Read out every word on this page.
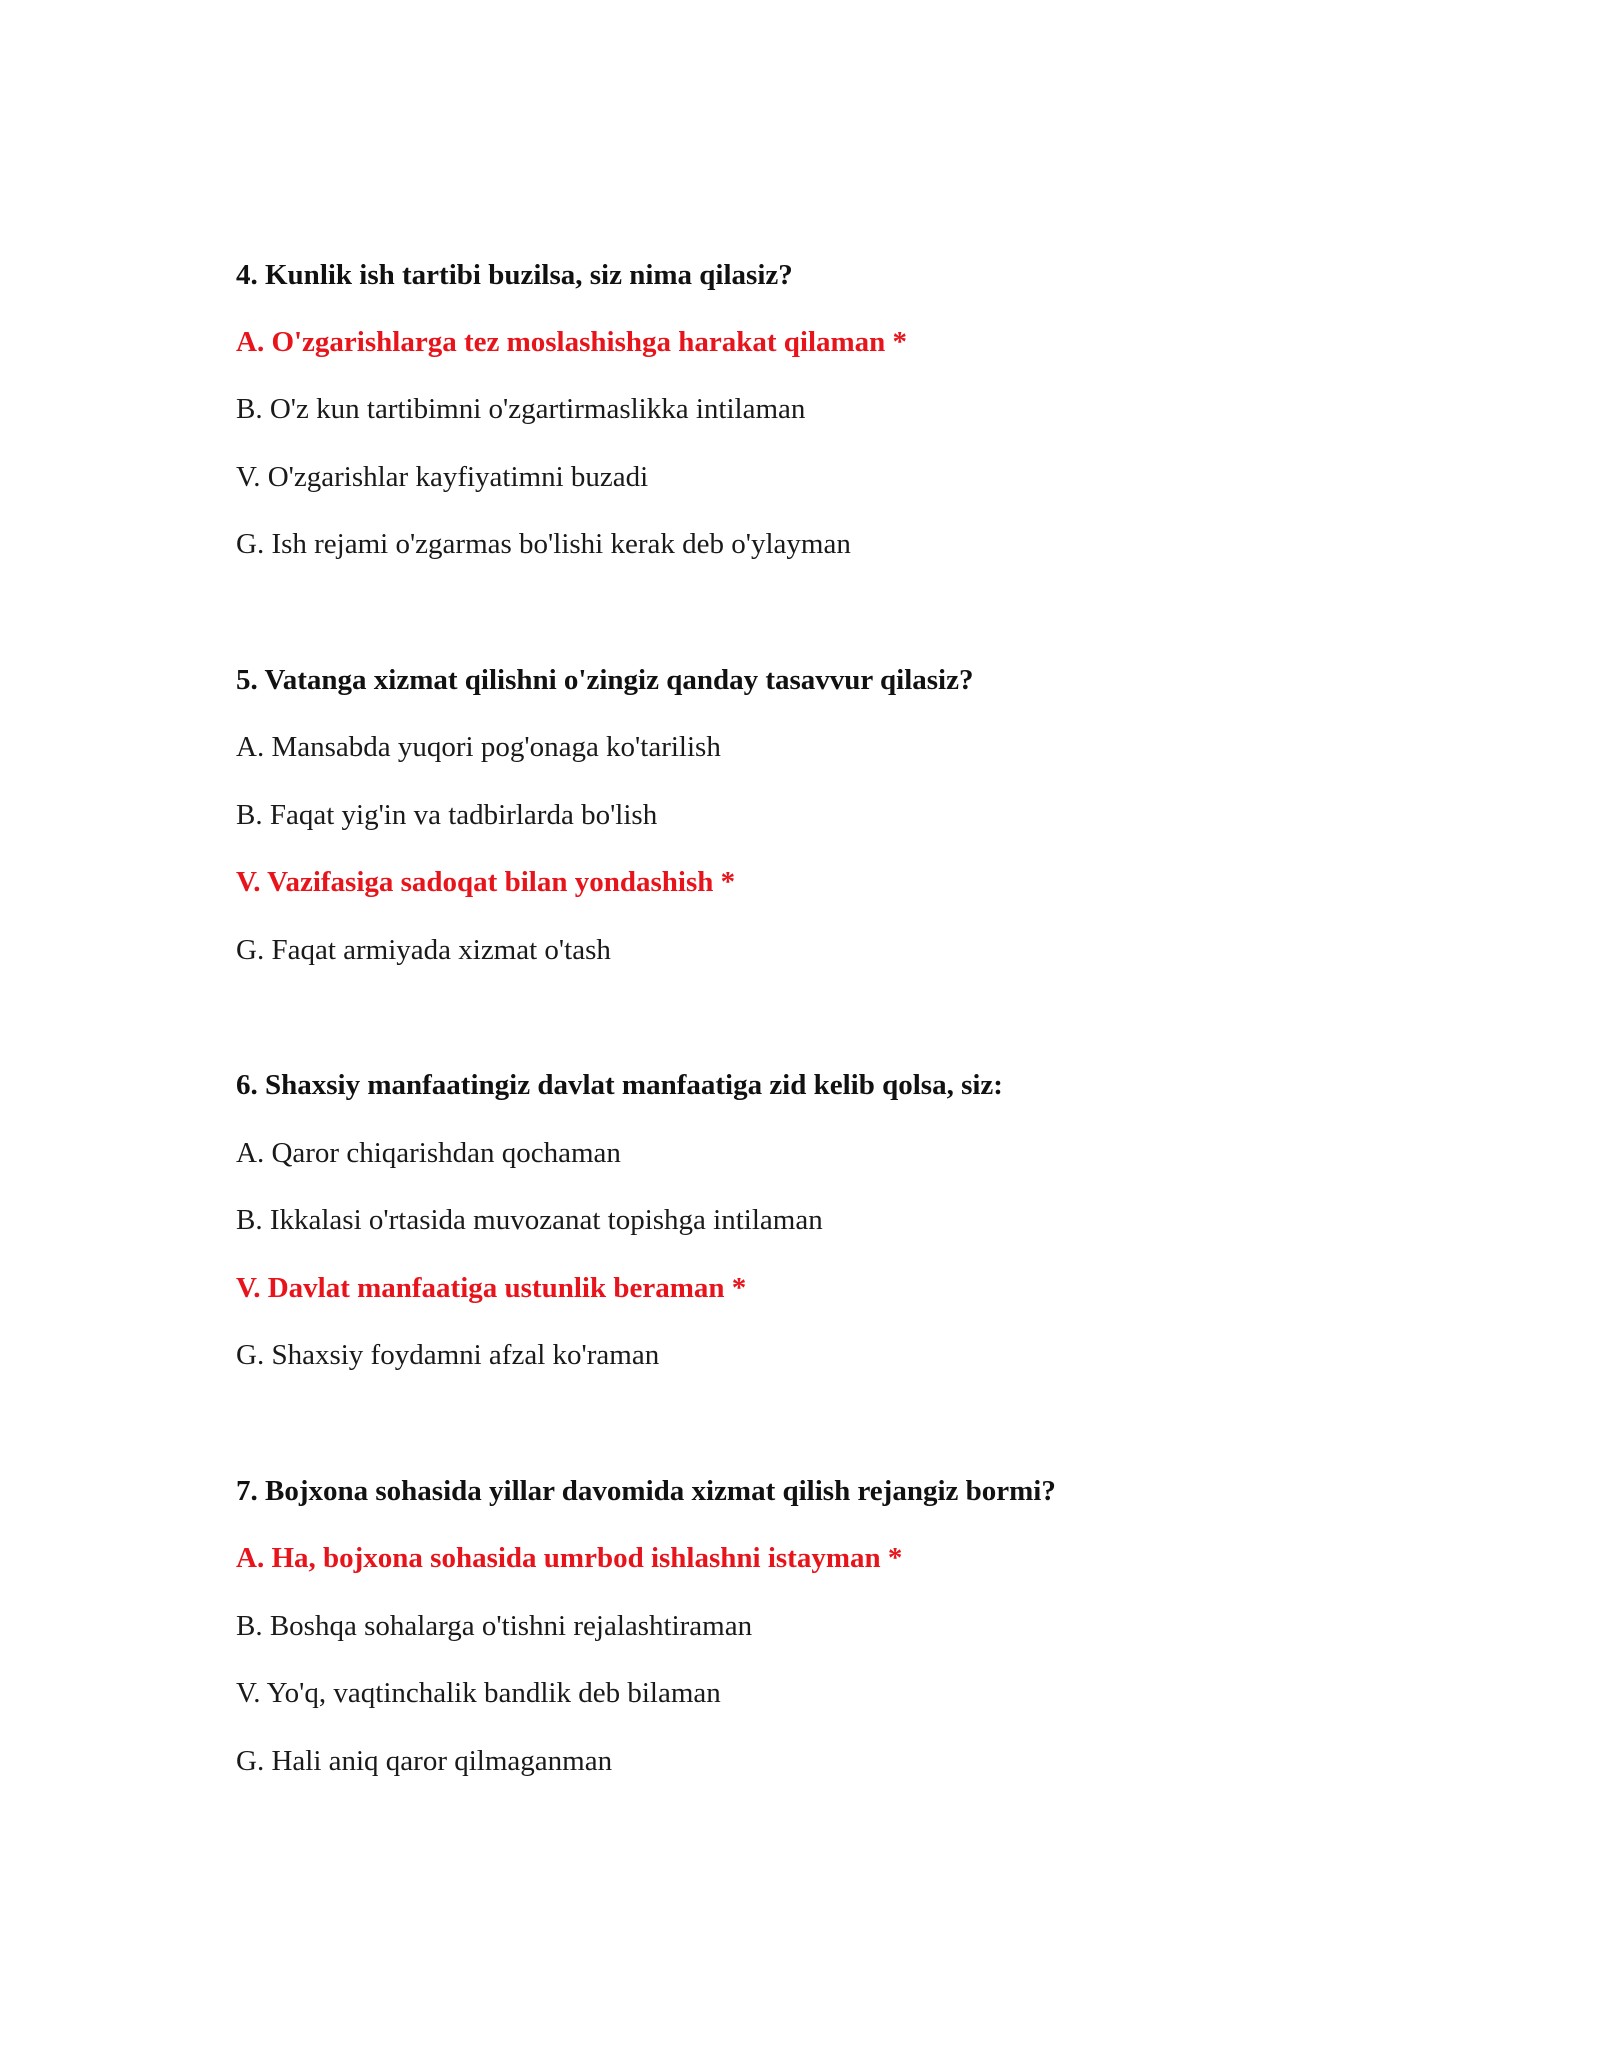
4. Kunlik ish tartibi buzilsa, siz nima qilasiz?

A. O'zgarishlarga tez moslashishga harakat qilaman *

B. O'z kun tartibimni o'zgartirmaslikka intilaman

V. O'zgarishlar kayfiyatimni buzadi

G. Ish rejami o'zgarmas bo'lishi kerak deb o'ylayman

5. Vatanga xizmat qilishni o'zingiz qanday tasavvur qilasiz?

A. Mansabda yuqori pog'onaga ko'tarilish

B. Faqat yig'in va tadbirlarda bo'lish

V. Vazifasiga sadoqat bilan yondashish *

G. Faqat armiyada xizmat o'tash

6. Shaxsiy manfaatingiz davlat manfaatiga zid kelib qolsa, siz:

A. Qaror chiqarishdan qochaman

B. Ikkalasi o'rtasida muvozanat topishga intilaman

V. Davlat manfaatiga ustunlik beraman *

G. Shaxsiy foydamni afzal ko'raman

7. Bojxona sohasida yillar davomida xizmat qilish rejangiz bormi?

A. Ha, bojxona sohasida umrbod ishlashni istayman *

B. Boshqa sohalarga o'tishni rejalashtiraman

V. Yo'q, vaqtinchalik bandlik deb bilaman

G. Hali aniq qaror qilmaganman
